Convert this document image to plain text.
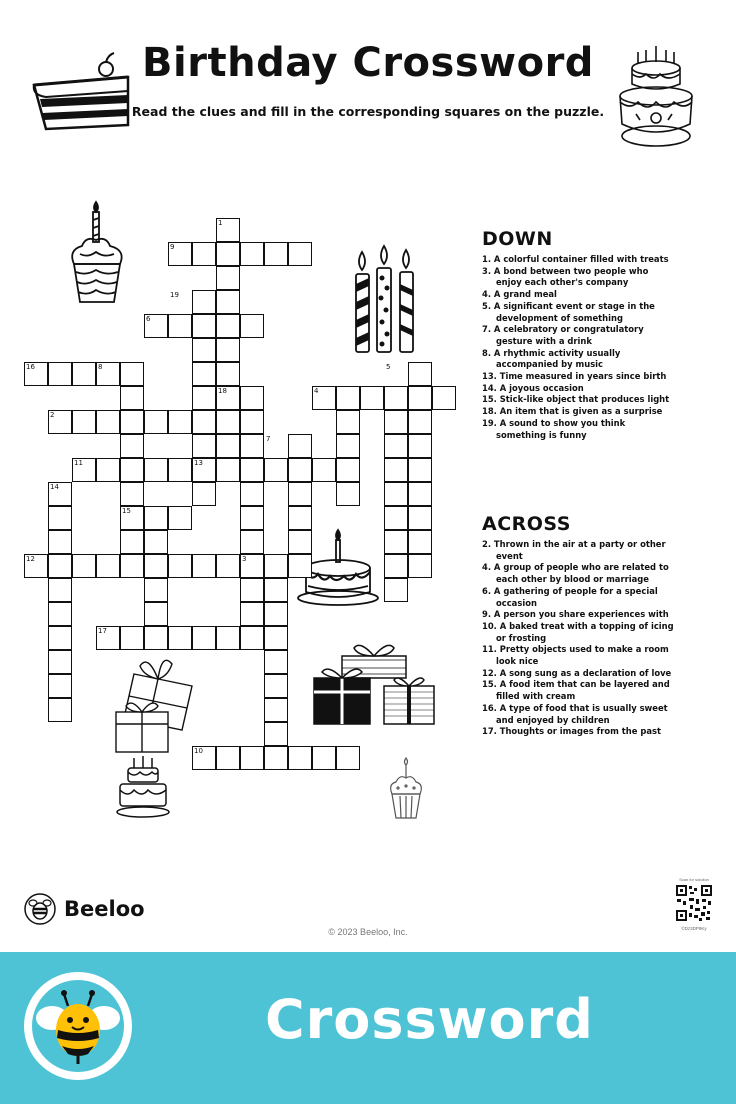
Birthday Crossword
Read the clues and fill in the corresponding squares on the puzzle.
1
2
3
4
5
6
7
8
9
10
11
12
13
14
15
16
17
18
19
DOWN
1. A colorful container filled with treats
3. A bond between two people who enjoy each other's company
4. A grand meal
5. A significant event or stage in the development of something
7. A celebratory or congratulatory gesture with a drink
8. A rhythmic activity usually accompanied by music
13. Time measured in years since birth
14. A joyous occasion
15. Stick-like object that produces light
18. An item that is given as a surprise
19. A sound to show you think something is funny
ACROSS
2. Thrown in the air at a party or other event
4. A group of people who are related to each other by blood or marriage
6. A gathering of people for a special occasion
9. A person you share experiences with
10. A baked treat with a topping of icing or frosting
11. Pretty objects used to make a room look nice
12. A song sung as a declaration of love
15. A food item that can be layered and filled with cream
16. A type of food that is usually sweet and enjoyed by children
17. Thoughts or images from the past
Beeloo
© 2023 Beeloo, Inc.
Scan for solution
©Dz3DP9Ky
Crossword
